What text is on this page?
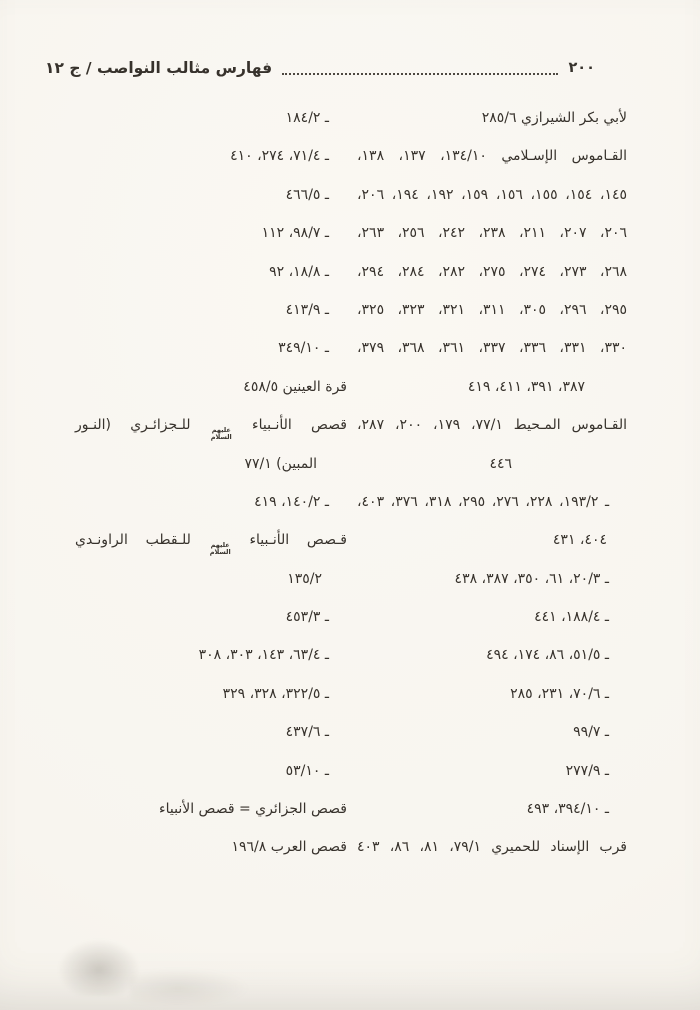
٢٠٠
فهارس مثالب النواصب / ج ١٢
لأبي بكر الشيرازي ٢٨٥/٦
القـاموس الإسـلامي ١٣٤/١٠، ١٣٧، ١٣٨،
١٤٥، ١٥٤، ١٥٥، ١٥٦، ١٥٩، ١٩٢، ١٩٤، ٢٠٦،
٢٠٦، ٢٠٧، ٢١١، ٢٣٨، ٢٤٢، ٢٥٦، ٢٦٣،
٢٦٨، ٢٧٣، ٢٧٤، ٢٧٥، ٢٨٢، ٢٨٤، ٢٩٤،
٢٩٥، ٢٩٦، ٣٠٥، ٣١١، ٣٢١، ٣٢٣، ٣٢٥،
٣٣٠، ٣٣١، ٣٣٦، ٣٣٧، ٣٦١، ٣٦٨، ٣٧٩،
٣٨٧، ٣٩١، ٤١١، ٤١٩
القـاموس المـحيط ٧٧/١، ١٧٩، ٢٠٠، ٢٨٧،
٤٤٦
ـ ١٩٣/٢، ٢٢٨، ٢٧٦، ٢٩٥، ٣١٨، ٣٧٦، ٤٠٣،
٤٠٤، ٤٣١
ـ ٢٠/٣، ٦١، ٣٥٠، ٣٨٧، ٤٣٨
ـ ١٨٨/٤، ٤٤١
ـ ٥١/٥، ٨٦، ١٧٤، ٤٩٤
ـ ٧٠/٦، ٢٣١، ٢٨٥
ـ ٩٩/٧
ـ ٢٧٧/٩
ـ ٣٩٤/١٠، ٤٩٣
قرب الإسناد للحميري ٧٩/١، ٨١، ٨٦، ٤٠٣
ـ ١٨٤/٢
ـ ٧١/٤، ٢٧٤، ٤١٠
ـ ٤٦٦/٥
ـ ٩٨/٧، ١١٢
ـ ١٨/٨، ٩٢
ـ ٤١٣/٩
ـ ٣٤٩/١٠
قرة العينين ٤٥٨/٥
قصص الأنـبياء
عليهم
السلام
للـجزائـري (النـور
المبين) ٧٧/١
ـ ١٤٠/٢، ٤١٩
قـصص الأنـبياء
عليهم
السلام
للـقطب الراونـدي
١٣٥/٢
ـ ٤٥٣/٣
ـ ٦٣/٤، ١٤٣، ٣٠٣، ٣٠٨
ـ ٣٢٢/٥، ٣٢٨، ٣٢٩
ـ ٤٣٧/٦
ـ ٥٣/١٠
قصص الجزائري = قصص الأنبياء
قصص العرب ١٩٦/٨
